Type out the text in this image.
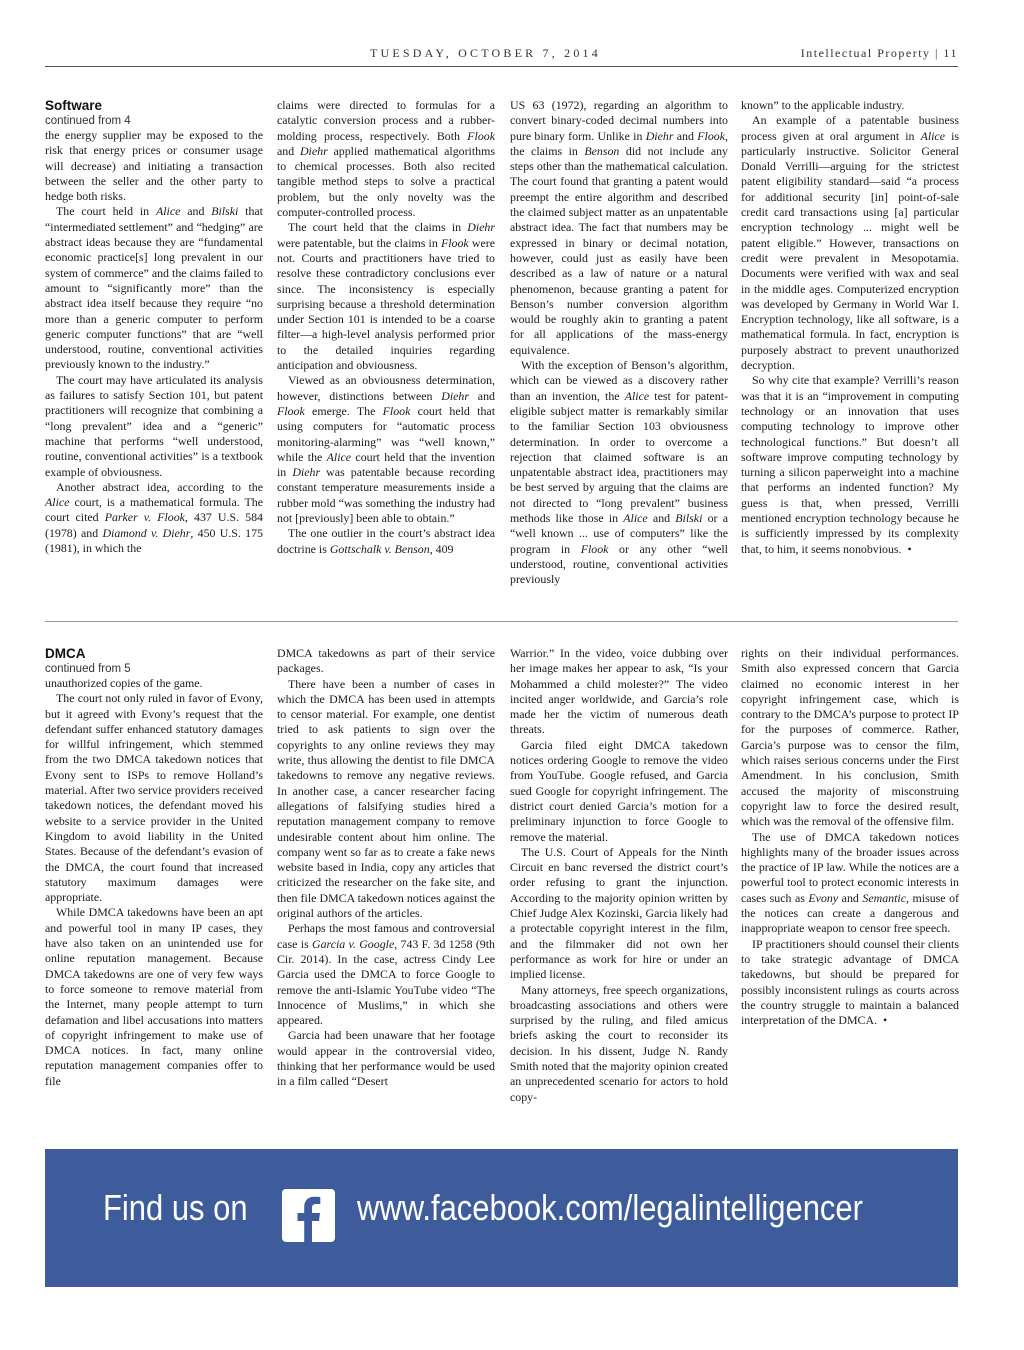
TUESDAY, OCTOBER 7, 2014	Intellectual Property | 11

Software

continued from 4

the energy supplier may be exposed to the risk that energy prices or consumer usage will decrease) and initiating a transaction between the seller and the other party to hedge both risks.

The court held in Alice and Bilski that “intermediated settlement” and “hedging” are abstract ideas because they are “fundamental economic practice[s] long prevalent in our system of commerce” and the claims failed to amount to “significantly more” than the abstract idea itself because they require “no more than a generic computer to perform generic computer functions” that are “well understood, routine, conventional activities previously known to the industry.”

The court may have articulated its analysis as failures to satisfy Section 101, but patent practitioners will recognize that combining a “long prevalent” idea and a “generic” machine that performs “well understood, routine, conventional activities” is a textbook example of obviousness.

Another abstract idea, according to the Alice court, is a mathematical formula. The court cited Parker v. Flook, 437 U.S. 584 (1978) and Diamond v. Diehr, 450 U.S. 175 (1981), in which the

claims were directed to formulas for a catalytic conversion process and a rubber-molding process, respectively. Both Flook and Diehr applied mathematical algorithms to chemical processes. Both also recited tangible method steps to solve a practical problem, but the only novelty was the computer-controlled process.

The court held that the claims in Diehr were patentable, but the claims in Flook were not. Courts and practitioners have tried to resolve these contradictory conclusions ever since. The inconsistency is especially surprising because a threshold determination under Section 101 is intended to be a coarse filter—a high-level analysis performed prior to the detailed inquiries regarding anticipation and obviousness.

Viewed as an obviousness determination, however, distinctions between Diehr and Flook emerge. The Flook court held that using computers for “automatic process monitoring-alarming” was “well known,” while the Alice court held that the invention in Diehr was patentable because recording constant temperature measurements inside a rubber mold “was something the industry had not [previously] been able to obtain.”

The one outlier in the court’s abstract idea doctrine is Gottschalk v. Benson, 409

US 63 (1972), regarding an algorithm to convert binary-coded decimal numbers into pure binary form. Unlike in Diehr and Flook, the claims in Benson did not include any steps other than the mathematical calculation. The court found that granting a patent would preempt the entire algorithm and described the claimed subject matter as an unpatentable abstract idea. The fact that numbers may be expressed in binary or decimal notation, however, could just as easily have been described as a law of nature or a natural phenomenon, because granting a patent for Benson’s number conversion algorithm would be roughly akin to granting a patent for all applications of the mass-energy equivalence.

With the exception of Benson’s algorithm, which can be viewed as a discovery rather than an invention, the Alice test for patent-eligible subject matter is remarkably similar to the familiar Section 103 obviousness determination. In order to overcome a rejection that claimed software is an unpatentable abstract idea, practitioners may be best served by arguing that the claims are not directed to “long prevalent” business methods like those in Alice and Bilski or a “well known ... use of computers” like the program in Flook or any other “well understood, routine, conventional activities previously

known” to the applicable industry.

An example of a patentable business process given at oral argument in Alice is particularly instructive. Solicitor General Donald Verrilli—arguing for the strictest patent eligibility standard—said “a process for additional security [in] point-of-sale credit card transactions using [a] particular encryption technology ... might well be patent eligible.” However, transactions on credit were prevalent in Mesopotamia. Documents were verified with wax and seal in the middle ages. Computerized encryption was developed by Germany in World War I. Encryption technology, like all software, is a mathematical formula. In fact, encryption is purposely abstract to prevent unauthorized decryption.

So why cite that example? Verrilli’s reason was that it is an “improvement in computing technology or an innovation that uses computing technology to improve other technological functions.” But doesn’t all software improve computing technology by turning a silicon paperweight into a machine that performs an indented function? My guess is that, when pressed, Verrilli mentioned encryption technology because he is sufficiently impressed by its complexity that, to him, it seems nonobvious.  •

DMCA

continued from 5

unauthorized copies of the game.

The court not only ruled in favor of Evony, but it agreed with Evony’s request that the defendant suffer enhanced statutory damages for willful infringement, which stemmed from the two DMCA takedown notices that Evony sent to ISPs to remove Holland’s material. After two service providers received takedown notices, the defendant moved his website to a service provider in the United Kingdom to avoid liability in the United States. Because of the defendant’s evasion of the DMCA, the court found that increased statutory maximum damages were appropriate.

While DMCA takedowns have been an apt and powerful tool in many IP cases, they have also taken on an unintended use for online reputation management. Because DMCA takedowns are one of very few ways to force someone to remove material from the Internet, many people attempt to turn defamation and libel accusations into matters of copyright infringement to make use of DMCA notices. In fact, many online reputation management companies offer to file

DMCA takedowns as part of their service packages.

There have been a number of cases in which the DMCA has been used in attempts to censor material. For example, one dentist tried to ask patients to sign over the copyrights to any online reviews they may write, thus allowing the dentist to file DMCA takedowns to remove any negative reviews. In another case, a cancer researcher facing allegations of falsifying studies hired a reputation management company to remove undesirable content about him online. The company went so far as to create a fake news website based in India, copy any articles that criticized the researcher on the fake site, and then file DMCA takedown notices against the original authors of the articles.

Perhaps the most famous and controversial case is Garcia v. Google, 743 F. 3d 1258 (9th Cir. 2014). In the case, actress Cindy Lee Garcia used the DMCA to force Google to remove the anti-Islamic YouTube video “The Innocence of Muslims,” in which she appeared.

Garcia had been unaware that her footage would appear in the controversial video, thinking that her performance would be used in a film called “Desert

Warrior.” In the video, voice dubbing over her image makes her appear to ask, “Is your Mohammed a child molester?” The video incited anger worldwide, and Garcia’s role made her the victim of numerous death threats.

Garcia filed eight DMCA takedown notices ordering Google to remove the video from YouTube. Google refused, and Garcia sued Google for copyright infringement. The district court denied Garcia’s motion for a preliminary injunction to force Google to remove the material.

The U.S. Court of Appeals for the Ninth Circuit en banc reversed the district court’s order refusing to grant the injunction. According to the majority opinion written by Chief Judge Alex Kozinski, Garcia likely had a protectable copyright interest in the film, and the filmmaker did not own her performance as work for hire or under an implied license.

Many attorneys, free speech organizations, broadcasting associations and others were surprised by the ruling, and filed amicus briefs asking the court to reconsider its decision. In his dissent, Judge N. Randy Smith noted that the majority opinion created an unprecedented scenario for actors to hold copy-

rights on their individual performances. Smith also expressed concern that Garcia claimed no economic interest in her copyright infringement case, which is contrary to the DMCA’s purpose to protect IP for the purposes of commerce. Rather, Garcia’s purpose was to censor the film, which raises serious concerns under the First Amendment. In his conclusion, Smith accused the majority of misconstruing copyright law to force the desired result, which was the removal of the offensive film.

The use of DMCA takedown notices highlights many of the broader issues across the practice of IP law. While the notices are a powerful tool to protect economic interests in cases such as Evony and Semantic, misuse of the notices can create a dangerous and inappropriate weapon to censor free speech.

IP practitioners should counsel their clients to take strategic advantage of DMCA takedowns, but should be prepared for possibly inconsistent rulings as courts across the country struggle to maintain a balanced interpretation of the DMCA.  •

Find us on	www.facebook.com/legalintelligencer
